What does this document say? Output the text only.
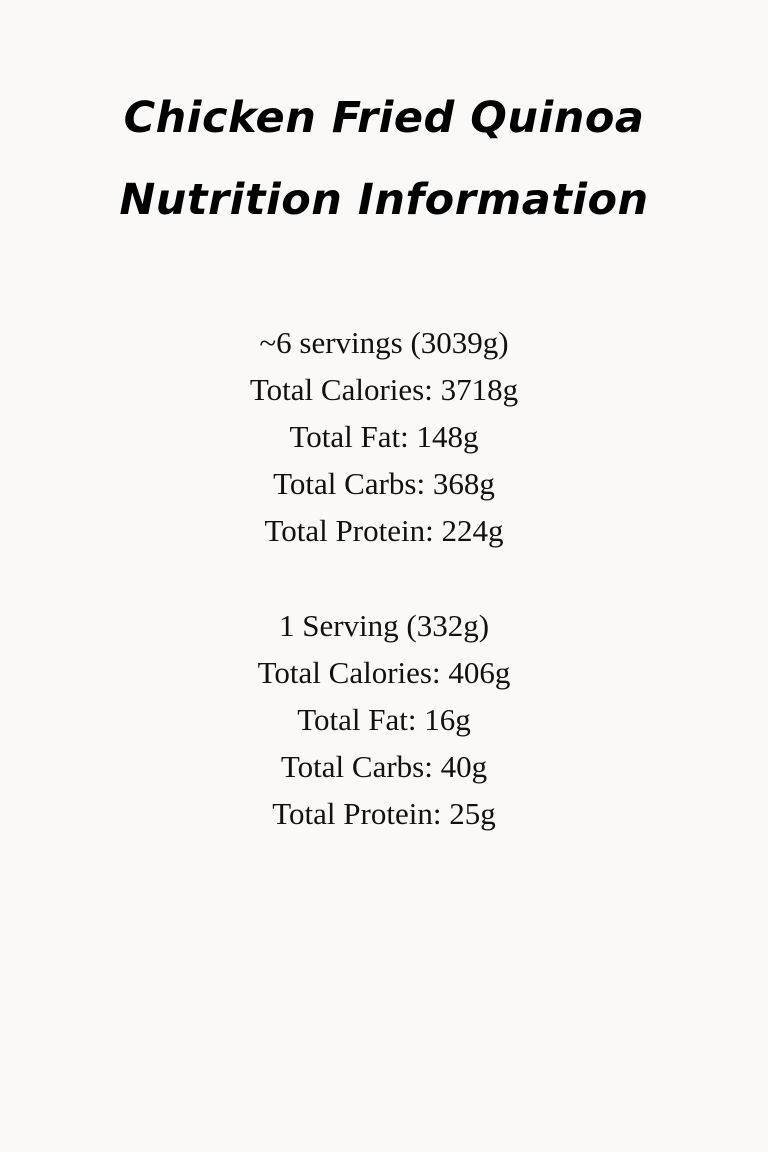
Chicken Fried Quinoa Nutrition Information
~6 servings (3039g)
Total Calories: 3718g
Total Fat: 148g
Total Carbs: 368g
Total Protein: 224g
1 Serving (332g)
Total Calories: 406g
Total Fat: 16g
Total Carbs: 40g
Total Protein: 25g
